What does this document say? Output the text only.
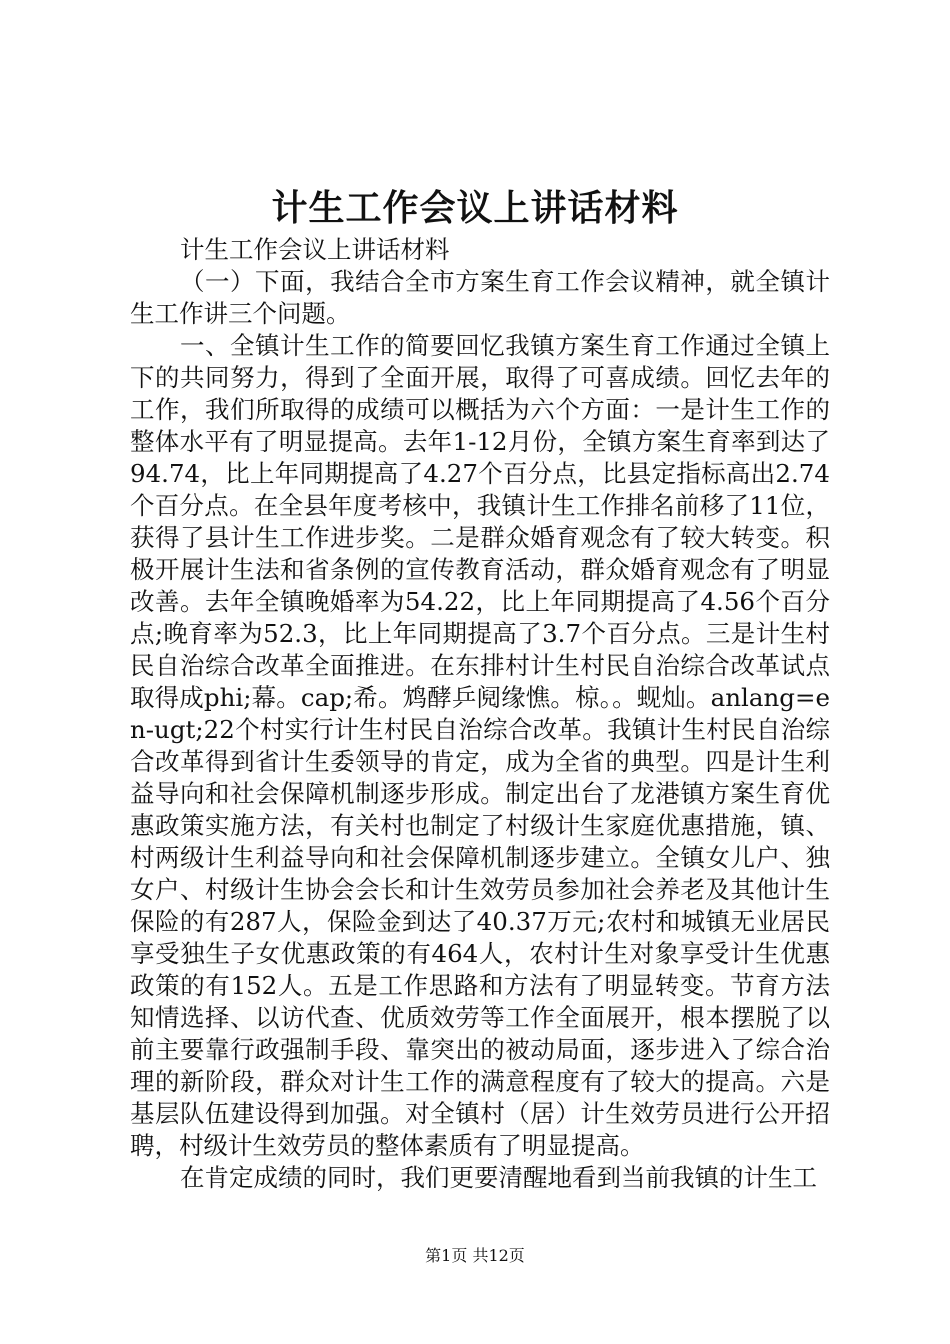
计生工作会议上讲话材料

计生工作会议上讲话材料

（一）下面，我结合全市方案生育工作会议精神，就全镇计生工作讲三个问题。

一、全镇计生工作的简要回忆我镇方案生育工作通过全镇上下的共同努力，得到了全面开展，取得了可喜成绩。回忆去年的工作，我们所取得的成绩可以概括为六个方面：一是计生工作的整体水平有了明显提高。去年1-12月份，全镇方案生育率到达了94.74，比上年同期提高了4.27个百分点，比县定指标高出2.74个百分点。在全县年度考核中，我镇计生工作排名前移了11位，获得了县计生工作进步奖。二是群众婚育观念有了较大转变。积极开展计生法和省条例的宣传教育活动，群众婚育观念有了明显改善。去年全镇晚婚率为54.22，比上年同期提高了4.56个百分点;晚育率为52.3，比上年同期提高了3.7个百分点。三是计生村民自治综合改革全面推进。在东排村计生村民自治综合改革试点取得成phi;幕。cap;希。鸩酵乒阋缘憔。椋。。蚬灿。anlang=en-ugt;22个村实行计生村民自治综合改革。我镇计生村民自治综合改革得到省计生委领导的肯定，成为全省的典型。四是计生利益导向和社会保障机制逐步形成。制定出台了龙港镇方案生育优惠政策实施方法，有关村也制定了村级计生家庭优惠措施，镇、村两级计生利益导向和社会保障机制逐步建立。全镇女儿户、独女户、村级计生协会会长和计生效劳员参加社会养老及其他计生保险的有287人，保险金到达了40.37万元;农村和城镇无业居民享受独生子女优惠政策的有464人，农村计生对象享受计生优惠政策的有152人。五是工作思路和方法有了明显转变。节育方法知情选择、以访代查、优质效劳等工作全面展开，根本摆脱了以前主要靠行政强制手段、靠突出的被动局面，逐步进入了综合治理的新阶段，群众对计生工作的满意程度有了较大的提高。六是基层队伍建设得到加强。对全镇村（居）计生效劳员进行公开招聘，村级计生效劳员的整体素质有了明显提高。

在肯定成绩的同时，我们更要清醒地看到当前我镇的计生工

第1页 共12页
